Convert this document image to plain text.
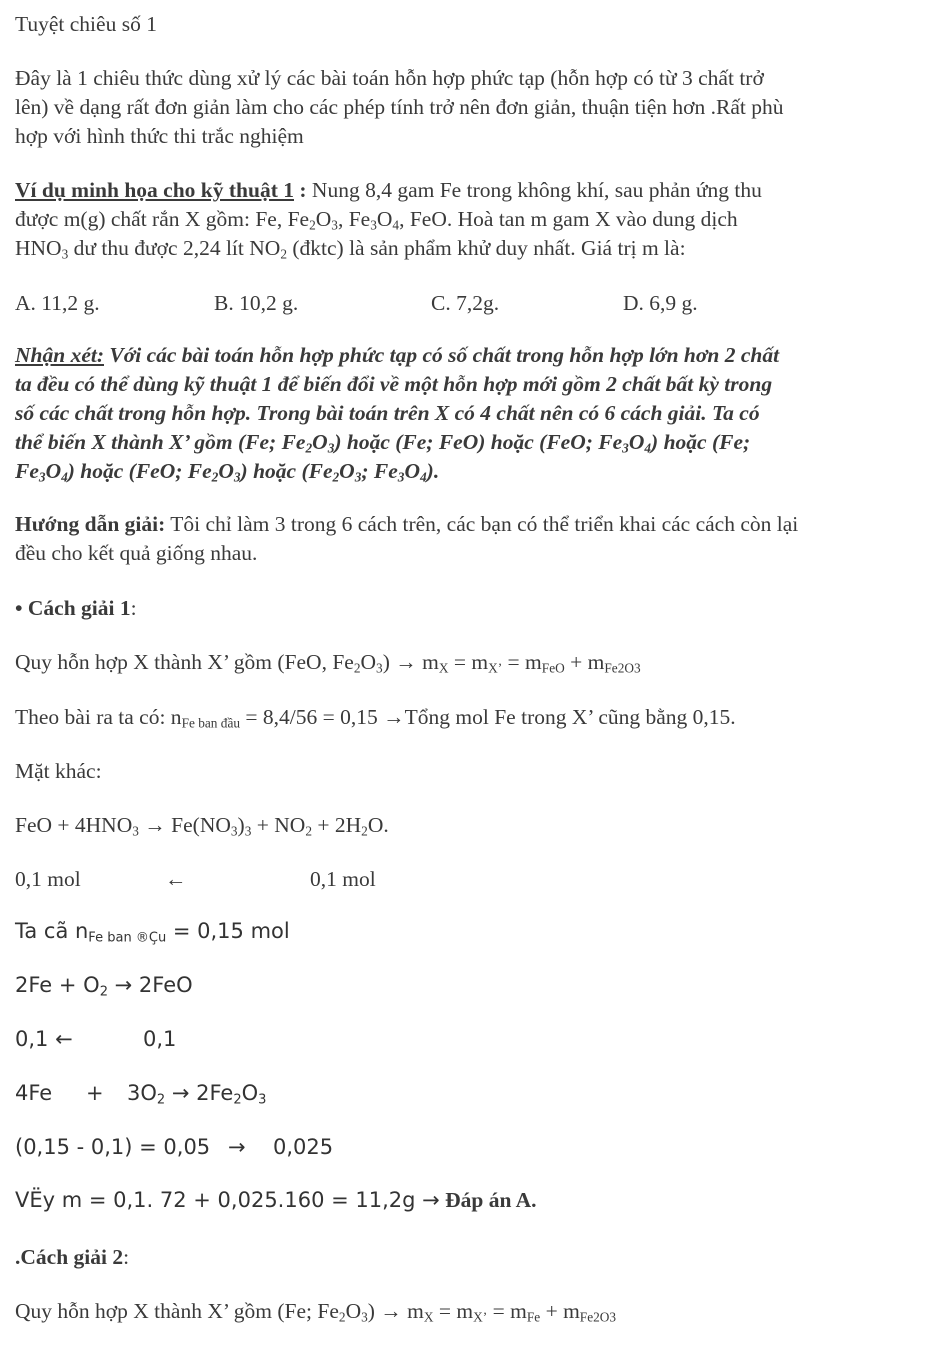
Tuyệt chiêu số 1
Đây là 1 chiêu thức dùng xử lý các bài toán hỗn hợp phức tạp (hỗn hợp có từ 3 chất trở
lên) về dạng rất đơn giản làm cho các phép tính trở nên đơn giản, thuận tiện hơn .Rất phù
hợp với hình thức thi trắc nghiệm
Ví dụ minh họa cho kỹ thuật 1 : Nung 8,4 gam Fe trong không khí, sau phản ứng thu
được m(g) chất rắn X gồm: Fe, $Fe_2O_3$, $Fe_3O_4$, FeO. Hoà tan m gam X vào dung dịch
$HNO_3$ dư thu được 2,24 lít $NO_2$ (đktc) là sản phẩm khử duy nhất. Giá trị m là:
A. 11,2 g.	B. 10,2 g.	C. 7,2g.	D. 6,9 g.
Nhận xét: Với các bài toán hỗn hợp phức tạp có số chất trong hỗn hợp lớn hơn 2 chất
ta đều có thể dùng kỹ thuật 1 để biến đổi về một hỗn hợp mới gồm 2 chất bất kỳ trong
số các chất trong hỗn hợp. Trong bài toán trên X có 4 chất nên có 6 cách giải. Ta có
thể biến X thành X’ gồm (Fe; $Fe_2O_3$) hoặc (Fe; FeO) hoặc (FeO; $Fe_3O_4$) hoặc (Fe;
$Fe_3O_4$) hoặc (FeO; $Fe_2O_3$) hoặc ($Fe_2O_3$; $Fe_3O_4$).
Hướng dẫn giải: Tôi chỉ làm 3 trong 6 cách trên, các bạn có thể triển khai các cách còn lại
đều cho kết quả giống nhau.
• Cách giải 1:
Quy hỗn hợp X thành X’ gồm (FeO, $Fe_2O_3) \to m_X = m_{X’} = m_{FeO} + m_{Fe2O3}$
Theo bài ra ta có: $n_{Fe ban đầu} = 8,4/56 = 0,15$ →Tổng mol Fe trong X’ cũng bằng 0,15.
Mặt khác:
FeO + $4HNO_3 \to Fe(NO_3)_3 + NO_2 + 2H_2O$.
0,1 mol	←	0,1 mol
Ta cã nFe ban ®Çu = 0,15 mol
$2Fe + O_2 \to 2FeO$
0,1 ←	0,1
$4Fe + 3O_2 \to 2Fe_2O_3$
(0,15 - 0,1) = 0,05 → 0,025
VËy m = 0,1. 72 + 0,025.160 = 11,2g → Đáp án A.
.Cách giải 2:
Quy hỗn hợp X thành X’ gồm (Fe; $Fe_2O_3) \to m_X = m_{X’} = m_{Fe} + m_{Fe2O3}$
